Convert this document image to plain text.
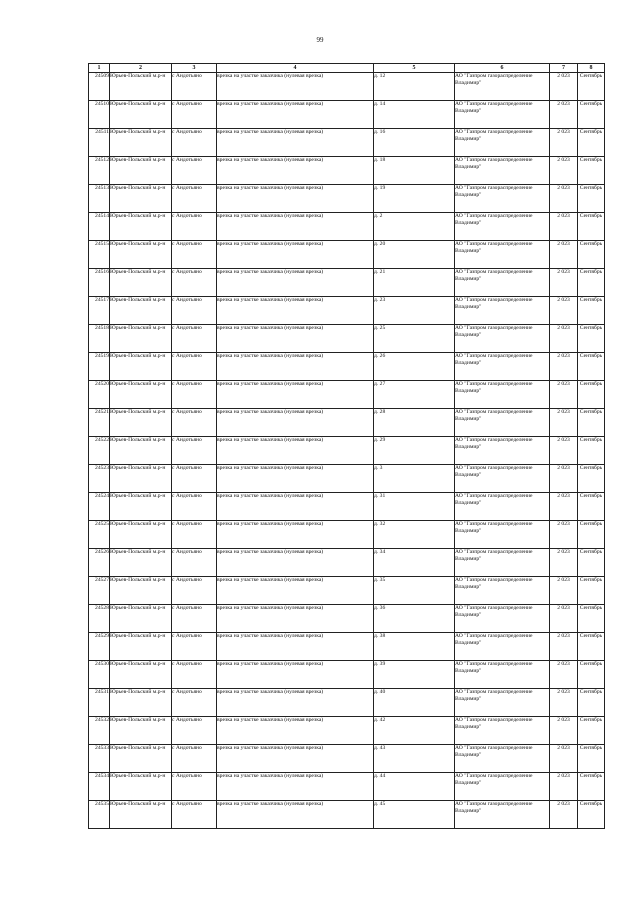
99
1	2	3	4	5	6	7	8
24509	Юрьев-Польский м.р-н	с Андотьяно	врезка на участке заказчика (нулевая врезка)	д. 12	АО "Газпром газораспределение Владимир"	2 023	Сентябрь
24510	Юрьев-Польский м.р-н	с Андотьяно	врезка на участке заказчика (нулевая врезка)	д. 14	АО "Газпром газораспределение Владимир"	2 023	Сентябрь
24511	Юрьев-Польский м.р-н	с Андотьяно	врезка на участке заказчика (нулевая врезка)	д. 16	АО "Газпром газораспределение Владимир"	2 023	Сентябрь
24512	Юрьев-Польский м.р-н	с Андотьяно	врезка на участке заказчика (нулевая врезка)	д. 18	АО "Газпром газораспределение Владимир"	2 023	Сентябрь
24513	Юрьев-Польский м.р-н	с Андотьяно	врезка на участке заказчика (нулевая врезка)	д. 19	АО "Газпром газораспределение Владимир"	2 023	Сентябрь
24514	Юрьев-Польский м.р-н	с Андотьяно	врезка на участке заказчика (нулевая врезка)	д. 2	АО "Газпром газораспределение Владимир"	2 023	Сентябрь
24515	Юрьев-Польский м.р-н	с Андотьяно	врезка на участке заказчика (нулевая врезка)	д. 20	АО "Газпром газораспределение Владимир"	2 023	Сентябрь
24516	Юрьев-Польский м.р-н	с Андотьяно	врезка на участке заказчика (нулевая врезка)	д. 21	АО "Газпром газораспределение Владимир"	2 023	Сентябрь
24517	Юрьев-Польский м.р-н	с Андотьяно	врезка на участке заказчика (нулевая врезка)	д. 23	АО "Газпром газораспределение Владимир"	2 023	Сентябрь
24518	Юрьев-Польский м.р-н	с Андотьяно	врезка на участке заказчика (нулевая врезка)	д. 25	АО "Газпром газораспределение Владимир"	2 023	Сентябрь
24519	Юрьев-Польский м.р-н	с Андотьяно	врезка на участке заказчика (нулевая врезка)	д. 26	АО "Газпром газораспределение Владимир"	2 023	Сентябрь
24520	Юрьев-Польский м.р-н	с Андотьяно	врезка на участке заказчика (нулевая врезка)	д. 27	АО "Газпром газораспределение Владимир"	2 023	Сентябрь
24521	Юрьев-Польский м.р-н	с Андотьяно	врезка на участке заказчика (нулевая врезка)	д. 28	АО "Газпром газораспределение Владимир"	2 023	Сентябрь
24522	Юрьев-Польский м.р-н	с Андотьяно	врезка на участке заказчика (нулевая врезка)	д. 29	АО "Газпром газораспределение Владимир"	2 023	Сентябрь
24523	Юрьев-Польский м.р-н	с Андотьяно	врезка на участке заказчика (нулевая врезка)	д. 3	АО "Газпром газораспределение Владимир"	2 023	Сентябрь
24524	Юрьев-Польский м.р-н	с Андотьяно	врезка на участке заказчика (нулевая врезка)	д. 31	АО "Газпром газораспределение Владимир"	2 023	Сентябрь
24525	Юрьев-Польский м.р-н	с Андотьяно	врезка на участке заказчика (нулевая врезка)	д. 32	АО "Газпром газораспределение Владимир"	2 023	Сентябрь
24526	Юрьев-Польский м.р-н	с Андотьяно	врезка на участке заказчика (нулевая врезка)	д. 34	АО "Газпром газораспределение Владимир"	2 023	Сентябрь
24527	Юрьев-Польский м.р-н	с Андотьяно	врезка на участке заказчика (нулевая врезка)	д. 35	АО "Газпром газораспределение Владимир"	2 023	Сентябрь
24528	Юрьев-Польский м.р-н	с Андотьяно	врезка на участке заказчика (нулевая врезка)	д. 36	АО "Газпром газораспределение Владимир"	2 023	Сентябрь
24529	Юрьев-Польский м.р-н	с Андотьяно	врезка на участке заказчика (нулевая врезка)	д. 38	АО "Газпром газораспределение Владимир"	2 023	Сентябрь
24530	Юрьев-Польский м.р-н	с Андотьяно	врезка на участке заказчика (нулевая врезка)	д. 39	АО "Газпром газораспределение Владимир"	2 023	Сентябрь
24531	Юрьев-Польский м.р-н	с Андотьяно	врезка на участке заказчика (нулевая врезка)	д. 40	АО "Газпром газораспределение Владимир"	2 023	Сентябрь
24532	Юрьев-Польский м.р-н	с Андотьяно	врезка на участке заказчика (нулевая врезка)	д. 42	АО "Газпром газораспределение Владимир"	2 023	Сентябрь
24533	Юрьев-Польский м.р-н	с Андотьяно	врезка на участке заказчика (нулевая врезка)	д. 43	АО "Газпром газораспределение Владимир"	2 023	Сентябрь
24534	Юрьев-Польский м.р-н	с Андотьяно	врезка на участке заказчика (нулевая врезка)	д. 44	АО "Газпром газораспределение Владимир"	2 023	Сентябрь
24535	Юрьев-Польский м.р-н	с Андотьяно	врезка на участке заказчика (нулевая врезка)	д. 45	АО "Газпром газораспределение Владимир"	2 023	Сентябрь
